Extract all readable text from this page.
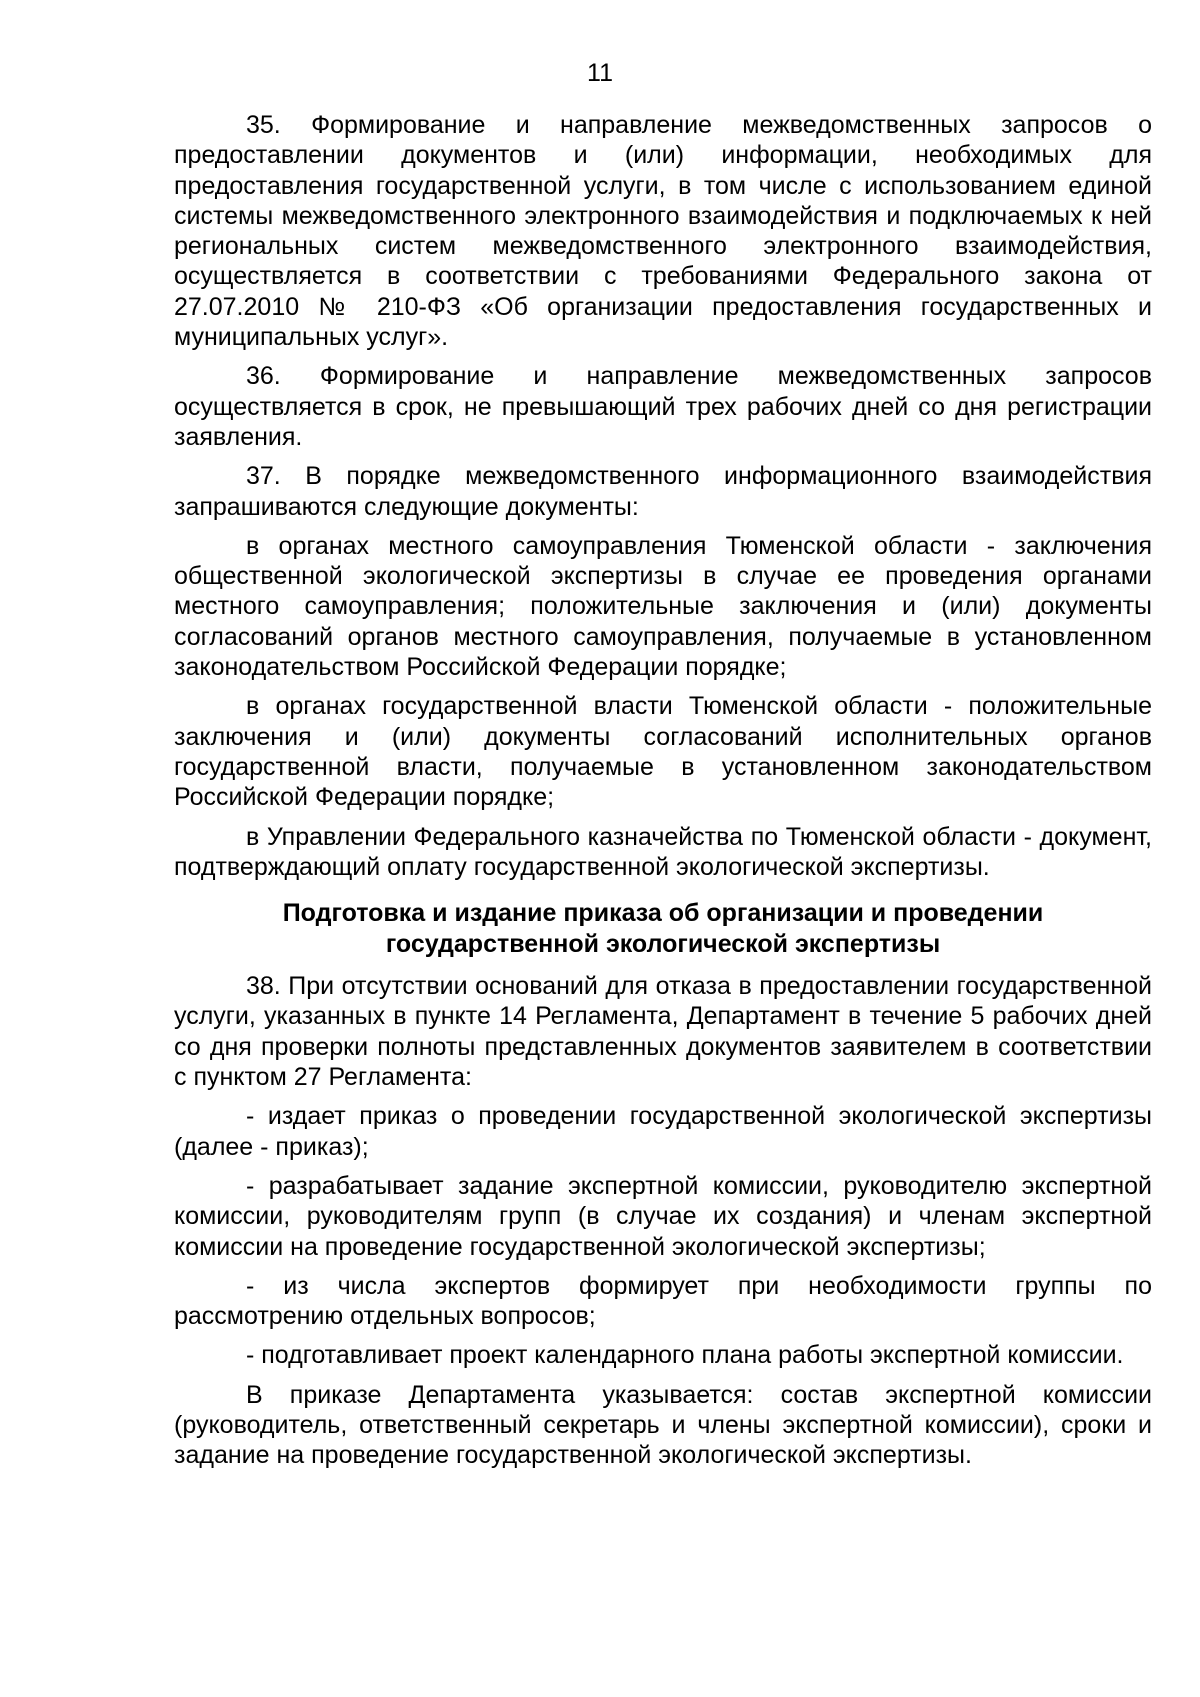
11

35. Формирование и направление межведомственных запросов о предоставлении документов и (или) информации, необходимых для предоставления государственной услуги, в том числе с использованием единой системы межведомственного электронного взаимодействия и подключаемых к ней региональных систем межведомственного электронного взаимодействия, осуществляется в соответствии с требованиями Федерального закона от 27.07.2010 № 210-ФЗ «Об организации предоставления государственных и муниципальных услуг».

36. Формирование и направление межведомственных запросов осуществляется в срок, не превышающий трех рабочих дней со дня регистрации заявления.

37. В порядке межведомственного информационного взаимодействия запрашиваются следующие документы:

в органах местного самоуправления Тюменской области - заключения общественной экологической экспертизы в случае ее проведения органами местного самоуправления; положительные заключения и (или) документы согласований органов местного самоуправления, получаемые в установленном законодательством Российской Федерации порядке;

в органах государственной власти Тюменской области - положительные заключения и (или) документы согласований исполнительных органов государственной власти, получаемые в установленном законодательством Российской Федерации порядке;

в Управлении Федерального казначейства по Тюменской области - документ, подтверждающий оплату государственной экологической экспертизы.

Подготовка и издание приказа об организации и проведении
государственной экологической экспертизы

38. При отсутствии оснований для отказа в предоставлении государственной услуги, указанных в пункте 14 Регламента, Департамент в течение 5 рабочих дней со дня проверки полноты представленных документов заявителем в соответствии с пунктом 27 Регламента:

- издает приказ о проведении государственной экологической экспертизы (далее - приказ);

- разрабатывает задание экспертной комиссии, руководителю экспертной комиссии, руководителям групп (в случае их создания) и членам экспертной комиссии на проведение государственной экологической экспертизы;

- из числа экспертов формирует при необходимости группы по рассмотрению отдельных вопросов;

- подготавливает проект календарного плана работы экспертной комиссии.

В приказе Департамента указывается: состав экспертной комиссии (руководитель, ответственный секретарь и члены экспертной комиссии), сроки и задание на проведение государственной экологической экспертизы.
